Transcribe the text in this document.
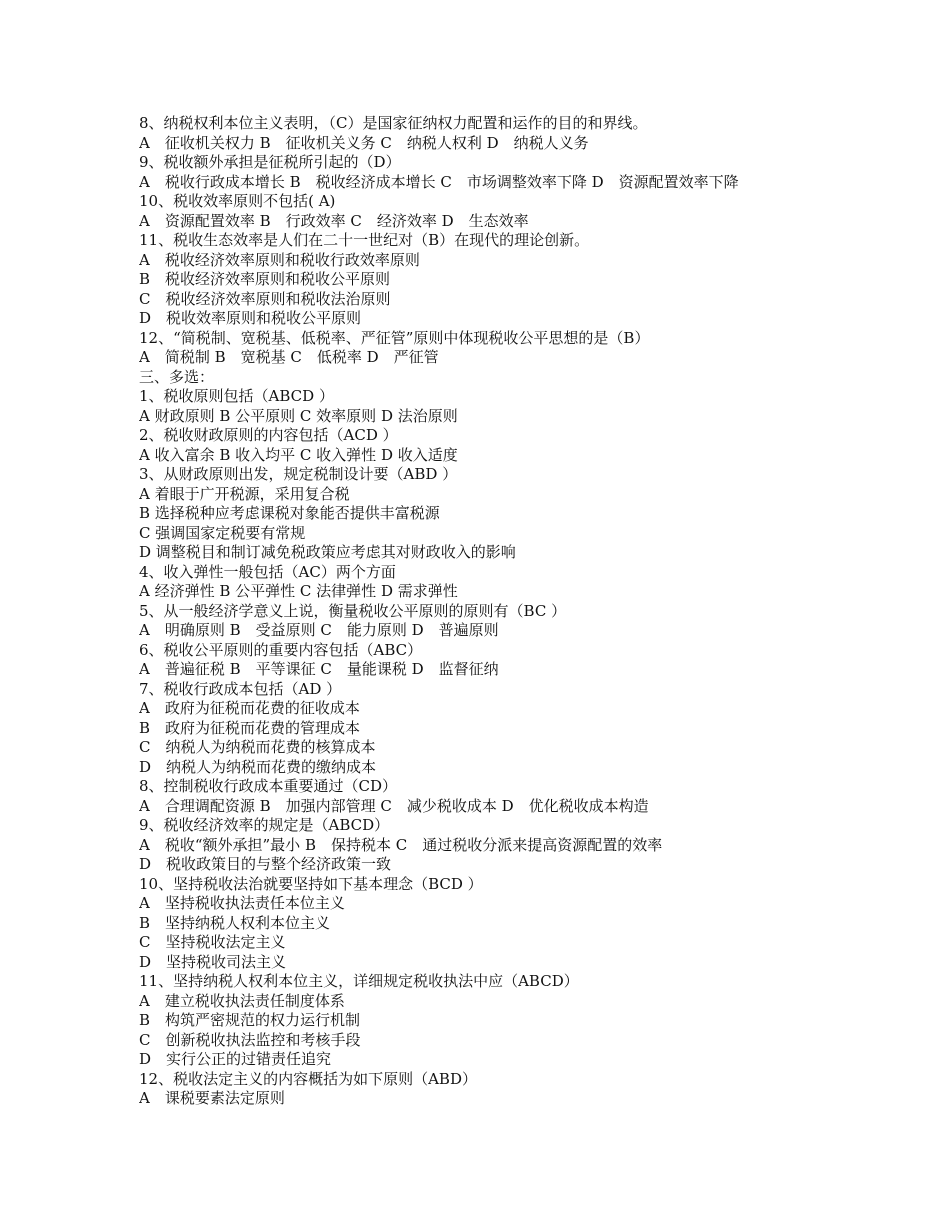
8、纳税权利本位主义表明，（C）是国家征纳权力配置和运作的目的和界线。
A　征收机关权力 B　征收机关义务 C　纳税人权利 D　纳税人义务
9、税收额外承担是征税所引起的（D）
A　税收行政成本增长 B　税收经济成本增长 C　市场调整效率下降 D　资源配置效率下降
10、税收效率原则不包括( A)
A　资源配置效率 B　行政效率 C　经济效率 D　生态效率
11、税收生态效率是人们在二十一世纪对（B）在现代的理论创新。
A　税收经济效率原则和税收行政效率原则
B　税收经济效率原则和税收公平原则
C　税收经济效率原则和税收法治原则
D　税收效率原则和税收公平原则
12、“简税制、宽税基、低税率、严征管”原则中体现税收公平思想的是（B）
A　简税制 B　宽税基 C　低税率 D　严征管
三、多选：
1、税收原则包括（ABCD ）
A 财政原则 B 公平原则 C 效率原则 D 法治原则
2、税收财政原则的内容包括（ACD ）
A 收入富余 B 收入均平 C 收入弹性 D 收入适度
3、从财政原则出发，规定税制设计要（ABD ）
A 着眼于广开税源，采用复合税
B 选择税种应考虑课税对象能否提供丰富税源
C 强调国家定税要有常规
D 调整税目和制订减免税政策应考虑其对财政收入的影响
4、收入弹性一般包括（AC）两个方面
A 经济弹性 B 公平弹性 C 法律弹性 D 需求弹性
5、从一般经济学意义上说，衡量税收公平原则的原则有（BC ）
A　明确原则 B　受益原则 C　能力原则 D　普遍原则
6、税收公平原则的重要内容包括（ABC）
A　普遍征税 B　平等课征 C　量能课税 D　监督征纳
7、税收行政成本包括（AD ）
A　政府为征税而花费的征收成本
B　政府为征税而花费的管理成本
C　纳税人为纳税而花费的核算成本
D　纳税人为纳税而花费的缴纳成本
8、控制税收行政成本重要通过（CD）
A　合理调配资源 B　加强内部管理 C　减少税收成本 D　优化税收成本构造
9、税收经济效率的规定是（ABCD）
A　税收“额外承担”最小 B　保持税本 C　通过税收分派来提高资源配置的效率
D　税收政策目的与整个经济政策一致
10、坚持税收法治就要坚持如下基本理念（BCD ）
A　坚持税收执法责任本位主义
B　坚持纳税人权利本位主义
C　坚持税收法定主义
D　坚持税收司法主义
11、坚持纳税人权利本位主义，详细规定税收执法中应（ABCD）
A　建立税收执法责任制度体系
B　构筑严密规范的权力运行机制
C　创新税收执法监控和考核手段
D　实行公正的过错责任追究
12、税收法定主义的内容概括为如下原则（ABD）
A　课税要素法定原则
